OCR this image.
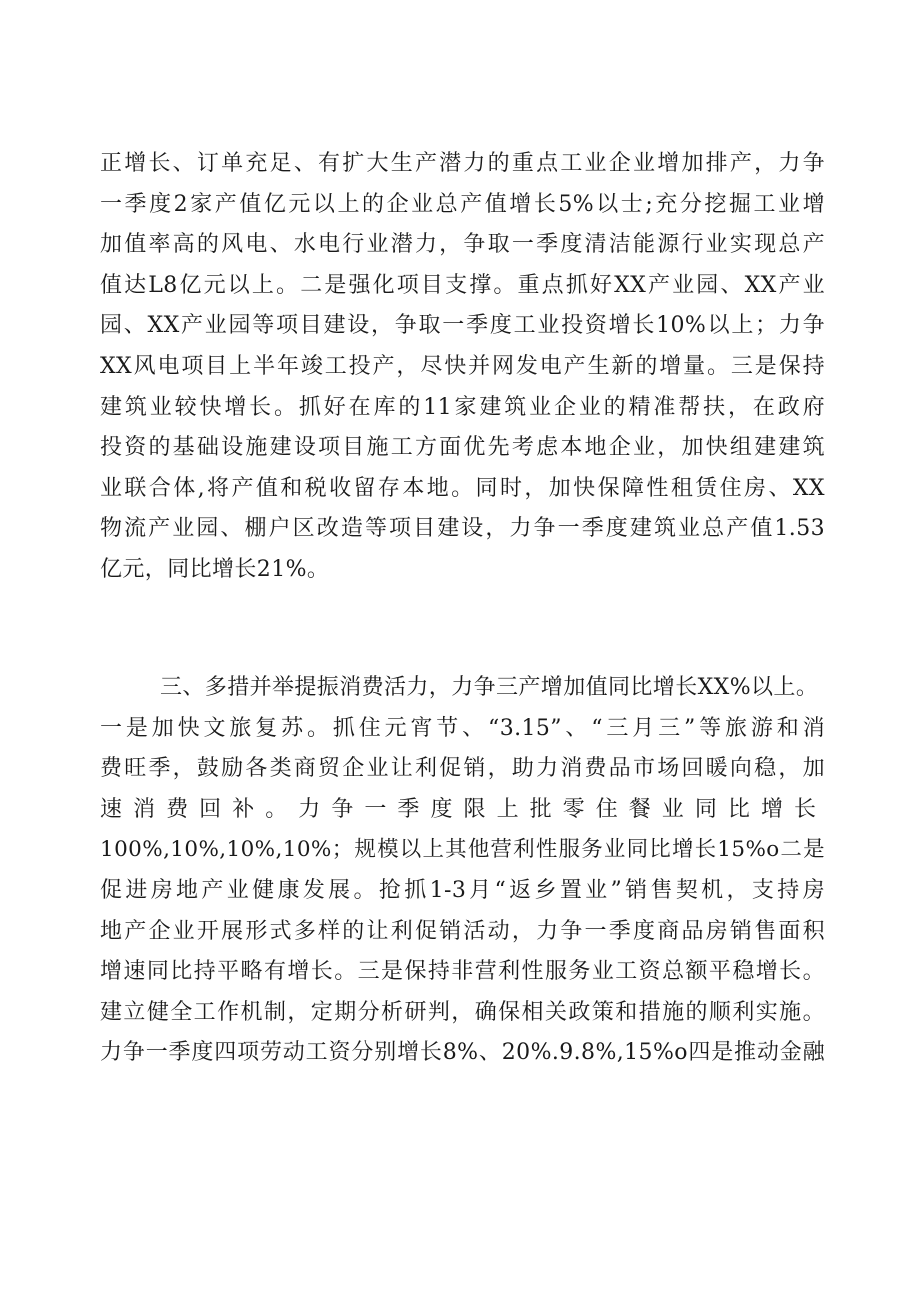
正增长、订单充足、有扩大生产潜力的重点工业企业增加排产，力争
一季度2家产值亿元以上的企业总产值增长5%以士;充分挖掘工业增
加值率高的风电、水电行业潜力，争取一季度清洁能源行业实现总产
值达L8亿元以上。二是强化项目支撑。重点抓好XX产业园、XX产业
园、XX产业园等项目建设，争取一季度工业投资增长10%以上；力争
XX风电项目上半年竣工投产，尽快并网发电产生新的增量。三是保持
建筑业较快增长。抓好在库的11家建筑业企业的精准帮扶，在政府
投资的基础设施建设项目施工方面优先考虑本地企业，加快组建建筑
业联合体,将产值和税收留存本地。同时，加快保障性租赁住房、XX
物流产业园、棚户区改造等项目建设，力争一季度建筑业总产值1.53
亿元，同比增长21%。
三、多措并举提振消费活力，力争三产增加值同比增长XX%以上。
一是加快文旅复苏。抓住元宵节、“3.15”、“三月三”等旅游和消
费旺季，鼓励各类商贸企业让利促销，助力消费品市场回暖向稳，加
速消费回补。力争一季度限上批零住餐业同比增长
100%,10%,10%,10%；规模以上其他营利性服务业同比增长15%o二是
促进房地产业健康发展。抢抓1-3月“返乡置业”销售契机，支持房
地产企业开展形式多样的让利促销活动，力争一季度商品房销售面积
增速同比持平略有增长。三是保持非营利性服务业工资总额平稳增长。
建立健全工作机制，定期分析研判，确保相关政策和措施的顺利实施。
力争一季度四项劳动工资分别增长8%、20%.9.8%,15%o四是推动金融
